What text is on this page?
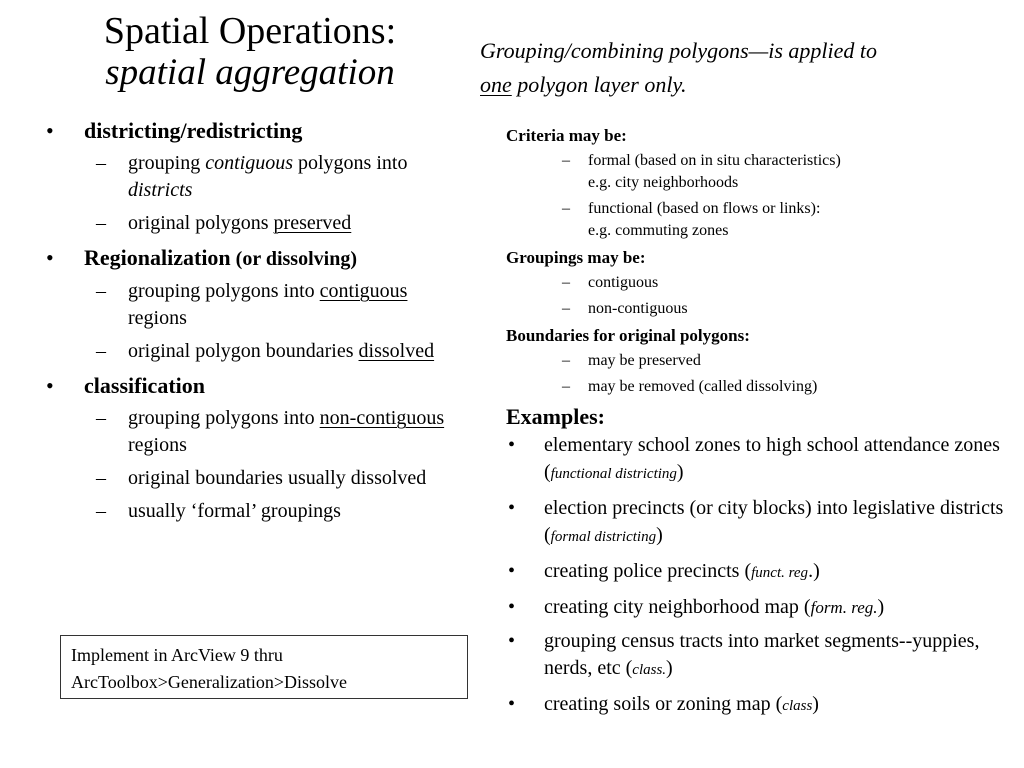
Spatial Operations:
spatial aggregation
Grouping/combining polygons—is applied to one polygon layer only.
• districting/redistricting
– grouping contiguous polygons into districts
– original polygons preserved
• Regionalization (or dissolving)
– grouping polygons into contiguous regions
– original polygon boundaries dissolved
• classification
– grouping polygons into non-contiguous regions
– original boundaries usually dissolved
– usually ‘formal’ groupings
Implement in ArcView 9 thru
ArcToolbox>Generalization>Dissolve
Criteria may be:
– formal (based on in situ characteristics)
e.g. city neighborhoods
– functional (based on flows or links):
e.g. commuting zones
Groupings may be:
– contiguous
– non-contiguous
Boundaries for original polygons:
– may be preserved
– may be removed (called dissolving)
Examples:
• elementary school zones to high school attendance zones (functional districting)
• election precincts (or city blocks) into legislative districts (formal districting)
• creating police precincts (funct. reg.)
• creating city neighborhood map (form. reg.)
• grouping census tracts into market segments--yuppies, nerds, etc (class.)
• creating soils or zoning map (class)
